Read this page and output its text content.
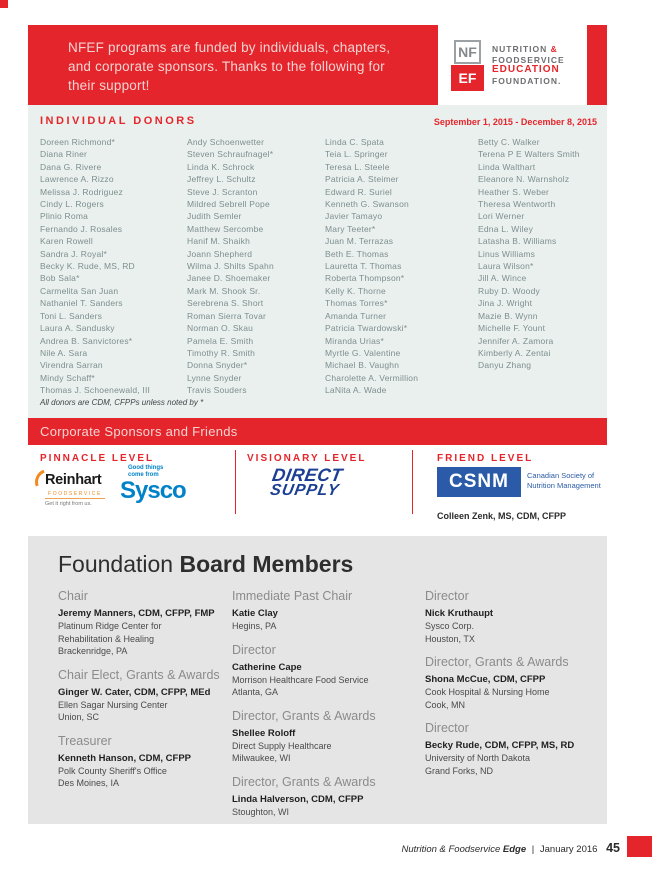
NFEF programs are funded by individuals, chapters,
and corporate sponsors. Thanks to the following for
their support!
NF
EF
NUTRITION &
FOODSERVICE
EDUCATION
FOUNDATION.
INDIVIDUAL DONORS	September 1, 2015 - December 8, 2015
Doreen Richmond*
Diana Riner
Dana G. Rivere
Lawrence A. Rizzo
Melissa J. Rodriguez
Cindy L. Rogers
Plinio Roma
Fernando J. Rosales
Karen Rowell
Sandra J. Royal*
Becky K. Rude, MS, RD
Bob Sala*
Carmelita San Juan
Nathaniel T. Sanders
Toni L. Sanders
Laura A. Sandusky
Andrea B. Sanvictores*
Nile A. Sara
Virendra Sarran
Mindy Schaff*
Thomas J. Schoenewald, III
Andy Schoenwetter
Steven Schraufnagel*
Linda K. Schrock
Jeffrey L. Schultz
Steve J. Scranton
Mildred Sebrell Pope
Judith Semler
Matthew Sercombe
Hanif M. Shaikh
Joann Shepherd
Wilma J. Shilts Spahn
Janee D. Shoemaker
Mark M. Shook Sr.
Serebrena S. Short
Roman Sierra Tovar
Norman O. Skau
Pamela E. Smith
Timothy R. Smith
Donna Snyder*
Lynne Snyder
Travis Souders
Linda C. Spata
Teia L. Springer
Teresa L. Steele
Patricia A. Steimer
Edward R. Suriel
Kenneth G. Swanson
Javier Tamayo
Mary Teeter*
Juan M. Terrazas
Beth E. Thomas
Lauretta T. Thomas
Roberta Thompson*
Kelly K. Thorne
Thomas Torres*
Amanda Turner
Patricia Twardowski*
Miranda Urias*
Myrtle G. Valentine
Michael B. Vaughn
Charolette A. Vermillion
LaNita A. Wade
Betty C. Walker
Terena P E Walters Smith
Linda Walthart
Eleanore N. Warnsholz
Heather S. Weber
Theresa Wentworth
Lori Werner
Edna L. Wiley
Latasha B. Williams
Linus Williams
Laura Wilson*
Jill A. Wince
Ruby D. Woody
Jina J. Wright
Mazie B. Wynn
Michelle F. Yount
Jennifer A. Zamora
Kimberly A. Zentai
Danyu Zhang
All donors are CDM, CFPPs unless noted by *
Corporate Sponsors and Friends
PINNACLE LEVEL	VISIONARY LEVEL	FRIEND LEVEL
Reinhart
FOODSERVICE
Get it right from us.
Good things come from
Sysco
DIRECT
SUPPLY	CSNM	Canadian Society of
Nutrition Management
Colleen Zenk, MS, CDM, CFPP
Foundation Board Members
Chair
Jeremy Manners, CDM, CFPP, FMP
Platinum Ridge Center for
Rehabilitation & Healing
Brackenridge, PA
Chair Elect, Grants & Awards
Ginger W. Cater, CDM, CFPP, MEd
Ellen Sagar Nursing Center
Union, SC
Treasurer
Kenneth Hanson, CDM, CFPP
Polk County Sheriff's Office
Des Moines, IA
Immediate Past Chair
Katie Clay
Hegins, PA
Director
Catherine Cape
Morrison Healthcare Food Service
Atlanta, GA
Director, Grants & Awards
Shellee Roloff
Direct Supply Healthcare
Milwaukee, WI
Director, Grants & Awards
Linda Halverson, CDM, CFPP
Stoughton, WI
Director
Nick Kruthaupt
Sysco Corp.
Houston, TX
Director, Grants & Awards
Shona McCue, CDM, CFPP
Cook Hospital & Nursing Home
Cook, MN
Director
Becky Rude, CDM, CFPP, MS, RD
University of North Dakota
Grand Forks, ND
Nutrition & Foodservice Edge | January 2016 45
